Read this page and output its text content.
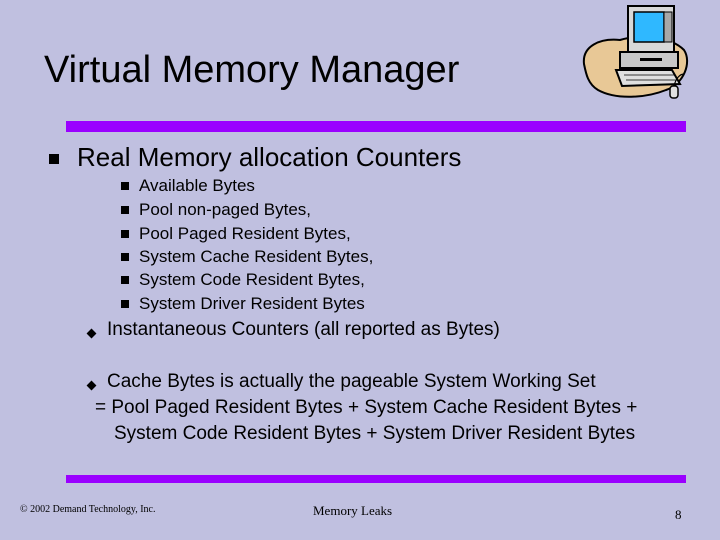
Virtual Memory Manager
Real Memory allocation Counters
Available Bytes
Pool non-paged Bytes,
Pool Paged Resident Bytes,
System Cache Resident Bytes,
System Code Resident Bytes,
System Driver Resident Bytes
Instantaneous Counters (all reported as Bytes)
Cache Bytes is actually the pageable System Working Set
= Pool Paged Resident Bytes + System Cache Resident Bytes +
System Code Resident Bytes + System Driver Resident Bytes
© 2002 Demand Technology, Inc.	Memory Leaks	8
